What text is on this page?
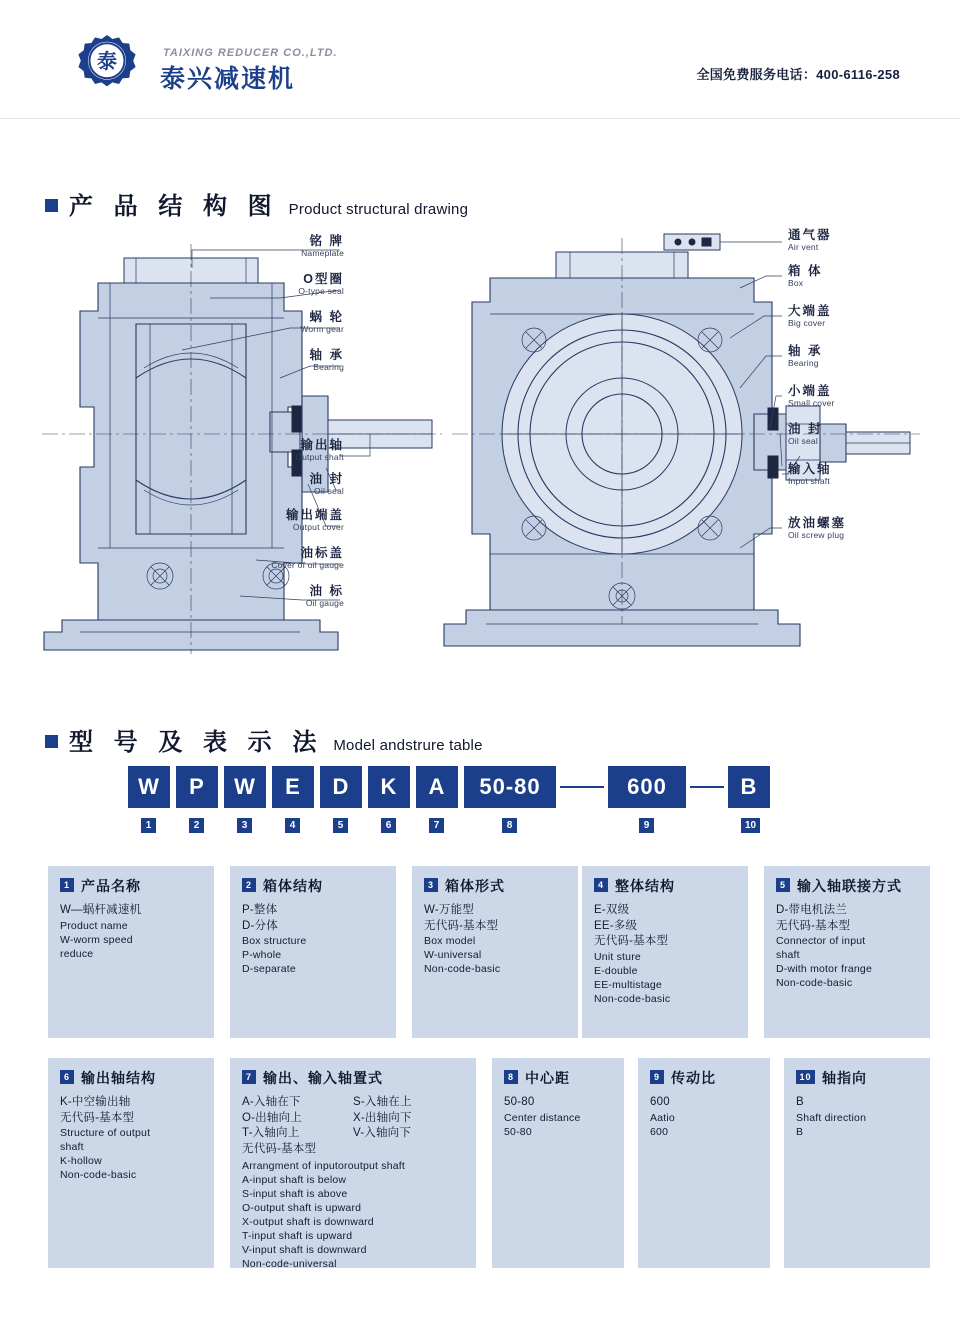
泰	TAIXING REDUCER CO.,LTD.
泰兴减速机	全国免费服务电话：400-6116-258
产 品 结 构 图 Product structural drawing
铭 牌
Nameplate
O型圈
O-type seal
蜗 轮
Worm gear
轴 承
Bearing
输出轴
Output shaft
油 封
Oil seal
输出端盖
Output cover
油标盖
Cover of oil gauge
油 标
Oil gauge
通气器
Air vent
箱 体
Box
大端盖
Big cover
轴 承
Bearing
小端盖
Small cover
油 封
Oil seal
输入轴
Input shaft
放油螺塞
Oil screw plug
型 号 及 表 示 法 Model andstrure table
W	P	W	E	D	K	A	50-80	600	B
1	2	3	4	5	6	7	8	9	10
1 产品名称
W—蜗杆减速机
Product name
W-worm speed
reduce
2 箱体结构
P-整体
D-分体
Box structure
P-whole
D-separate
3 箱体形式
W-万能型
无代码-基本型
Box model
W-universal
Non-code-basic
4 整体结构
E-双级
EE-多级
无代码-基本型
Unit sture
E-double
EE-multistage
Non-code-basic
5 输入轴联接方式
D-带电机法兰
无代码-基本型
Connector of input
shaft
D-with motor frange
Non-code-basic
6 输出轴结构
K-中空输出轴
无代码-基本型
Structure of output
shaft
K-hollow
Non-code-basic
7 输出、输入轴置式
A-入轴在下
O-出轴向上
T-入轴向上
无代码-基本型
S-入轴在上
X-出轴向下
V-入轴向下
Arrangment of inputoroutput shaft
A-input shaft is below
S-input shaft is above
O-output shaft is upward
X-output shaft is downward
T-input shaft is upward
V-input shaft is downward
Non-code-universal
8 中心距
50-80
Center distance
50-80
9 传动比
600
Aatio
600
10 轴指向
B
Shaft direction
B
